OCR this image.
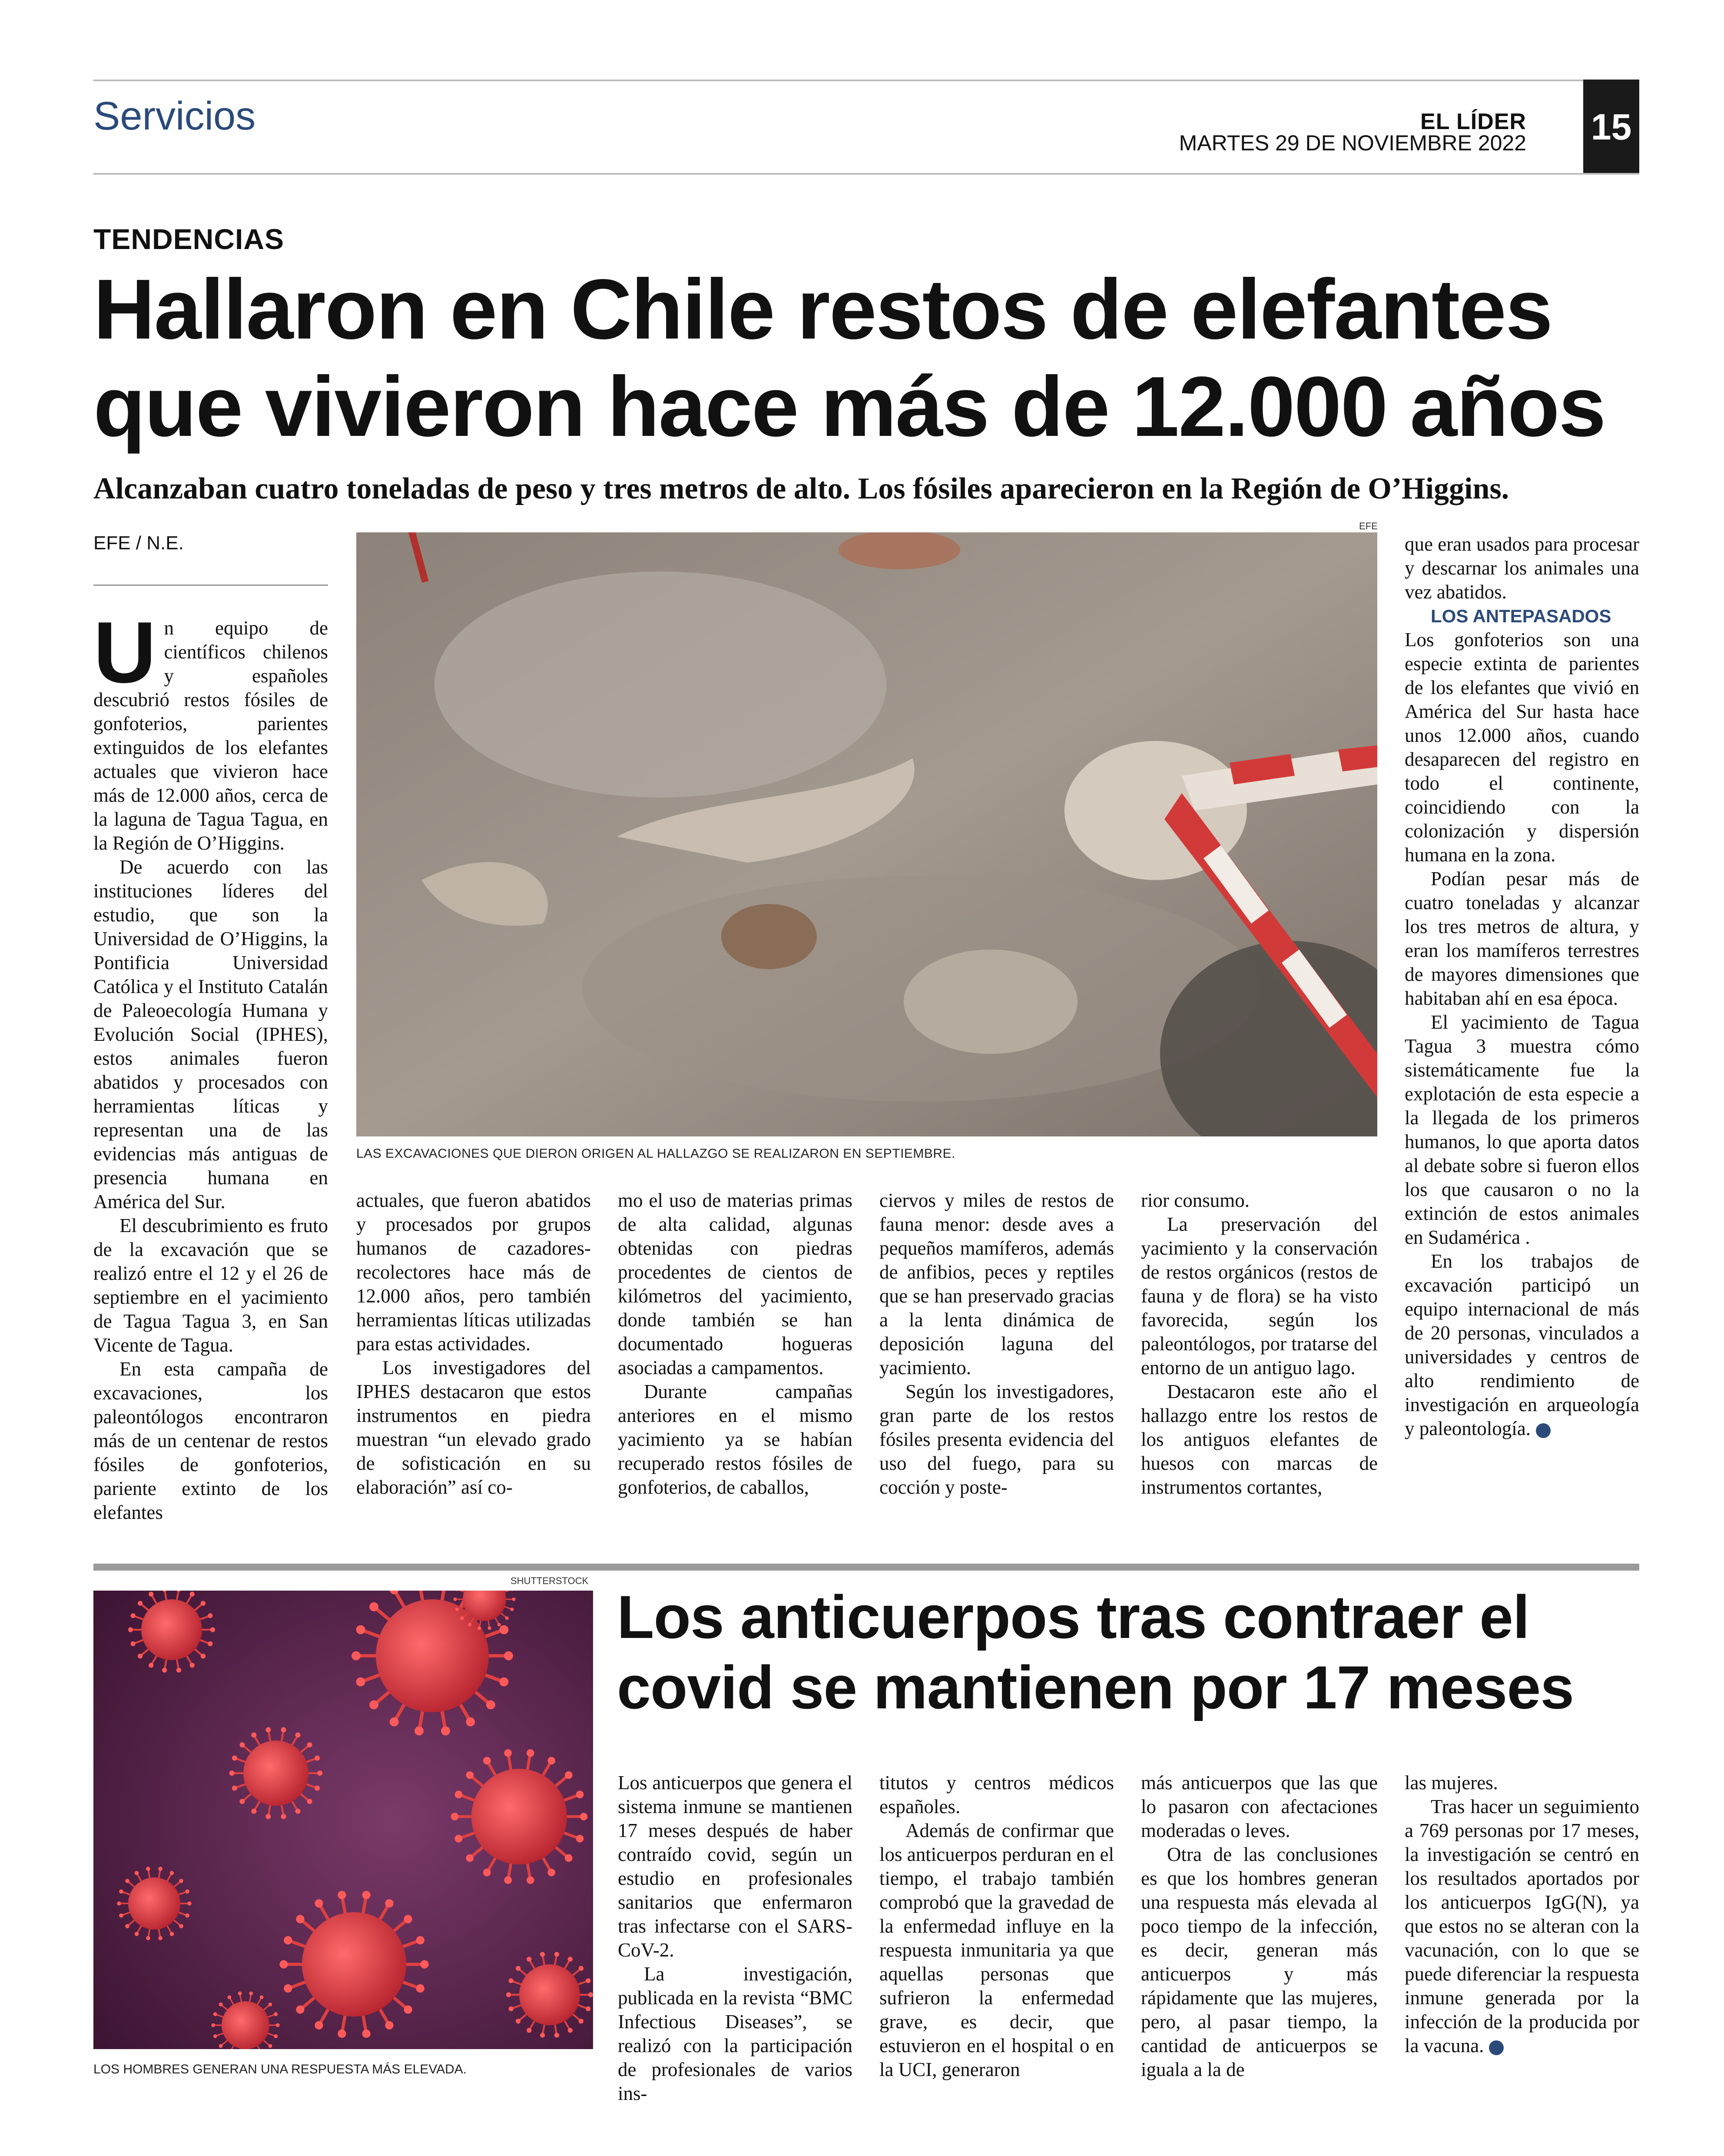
Servicios	EL LÍDER
MARTES 29 DE NOVIEMBRE 2022 15
TENDENCIAS
Hallaron en Chile restos de elefantes
que vivieron hace más de 12.000 años
Alcanzaban cuatro toneladas de peso y tres metros de alto. Los fósiles aparecieron en la Región de O’Higgins.
EFE / N.E.
EFE
LAS EXCAVACIONES QUE DIERON ORIGEN AL HALLAZGO SE REALIZARON EN SEPTIEMBRE.

Un equipo de científicos chilenos y españoles descubrió restos fósiles de gonfoterios, parientes extinguidos de los elefantes actuales que vivieron hace más de 12.000 años, cerca de la laguna de Tagua Tagua, en la Región de O’Higgins.

De acuerdo con las instituciones líderes del estudio, que son la Universidad de O’Higgins, la Pontificia Universidad Católica y el Instituto Catalán de Paleoecología Humana y Evolución Social (IPHES), estos animales fueron abatidos y procesados con herramientas líticas y representan una de las evidencias más antiguas de presencia humana en América del Sur.

El descubrimiento es fruto de la excavación que se realizó entre el 12 y el 26 de septiembre en el yacimiento de Tagua Tagua 3, en San Vicente de Tagua.

En esta campaña de excavaciones, los paleontólogos encontraron más de un centenar de restos fósiles de gonfoterios, pariente extinto de los elefantes

actuales, que fueron abatidos y procesados por grupos humanos de cazadores-recolectores hace más de 12.000 años, pero también herramientas líticas utilizadas para estas actividades.

Los investigadores del IPHES destacaron que estos instrumentos en piedra muestran “un elevado grado de sofisticación en su elaboración” así co-

mo el uso de materias primas de alta calidad, algunas obtenidas con piedras procedentes de cientos de kilómetros del yacimiento, donde también se han documentado hogueras asociadas a campamentos.

Durante campañas anteriores en el mismo yacimiento ya se habían recuperado restos fósiles de gonfoterios, de caballos,

ciervos y miles de restos de fauna menor: desde aves a pequeños mamíferos, además de anfibios, peces y reptiles que se han preservado gracias a la lenta dinámica de deposición laguna del yacimiento.

Según los investigadores, gran parte de los restos fósiles presenta evidencia del uso del fuego, para su cocción y poste-

rior consumo.

La preservación del yacimiento y la conservación de restos orgánicos (restos de fauna y de flora) se ha visto favorecida, según los paleontólogos, por tratarse del entorno de un antiguo lago.

Destacaron este año el hallazgo entre los restos de los antiguos elefantes de huesos con marcas de instrumentos cortantes,

que eran usados para procesar y descarnar los animales una vez abatidos.

LOS ANTEPASADOS

Los gonfoterios son una especie extinta de parientes de los elefantes que vivió en América del Sur hasta hace unos 12.000 años, cuando desaparecen del registro en todo el continente, coincidiendo con la colonización y dispersión humana en la zona.

Podían pesar más de cuatro toneladas y alcanzar los tres metros de altura, y eran los mamíferos terrestres de mayores dimensiones que habitaban ahí en esa época.

El yacimiento de Tagua Tagua 3 muestra cómo sistemáticamente fue la explotación de esta especie a la llegada de los primeros humanos, lo que aporta datos al debate sobre si fueron ellos los que causaron o no la extinción de estos animales en Sudamérica .

En los trabajos de excavación participó un equipo internacional de más de 20 personas, vinculados a universidades y centros de alto rendimiento de investigación en arqueología y paleontología.	✪

SHUTTERSTOCK
LOS HOMBRES GENERAN UNA RESPUESTA MÁS ELEVADA.
Los anticuerpos tras contraer el
covid se mantienen por 17 meses

Los anticuerpos que genera el sistema inmune se mantienen 17 meses después de haber contraído covid, según un estudio en profesionales sanitarios que enfermaron tras infectarse con el SARS-CoV-2.

La investigación, publicada en la revista “BMC Infectious Diseases”, se realizó con la participación de profesionales de varios ins-

titutos y centros médicos españoles.

Además de confirmar que los anticuerpos perduran en el tiempo, el trabajo también comprobó que la gravedad de la enfermedad influye en la respuesta inmunitaria ya que aquellas personas que sufrieron la enfermedad grave, es decir, que estuvieron en el hospital o en la UCI, generaron

más anticuerpos que las que lo pasaron con afectaciones moderadas o leves.

Otra de las conclusiones es que los hombres generan una respuesta más elevada al poco tiempo de la infección, es decir, generan más anticuerpos y más rápidamente que las mujeres, pero, al pasar tiempo, la cantidad de anticuerpos se iguala a la de

las mujeres.

Tras hacer un seguimiento a 769 personas por 17 meses, la investigación se centró en los resultados aportados por los anticuerpos IgG(N), ya que estos no se alteran con la vacunación, con lo que se puede diferenciar la respuesta inmune generada por la infección de la producida por la vacuna.	✪
